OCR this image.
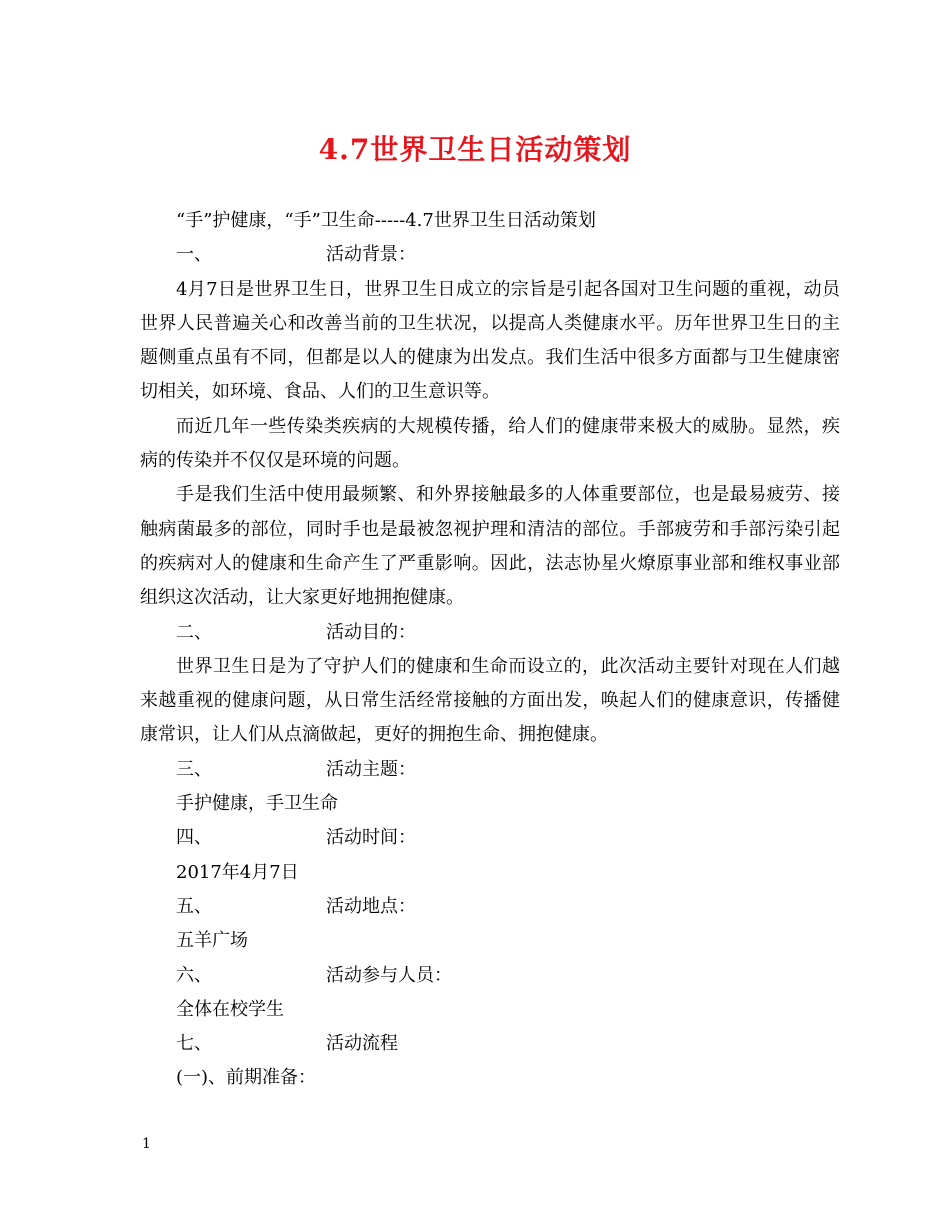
4.7世界卫生日活动策划

“手”护健康，“手”卫生命-----4.7世界卫生日活动策划

一、	活动背景：

4月7日是世界卫生日，世界卫生日成立的宗旨是引起各国对卫生问题的重视，动员世界人民普遍关心和改善当前的卫生状况，以提高人类健康水平。历年世界卫生日的主题侧重点虽有不同，但都是以人的健康为出发点。我们生活中很多方面都与卫生健康密切相关，如环境、食品、人们的卫生意识等。

而近几年一些传染类疾病的大规模传播，给人们的健康带来极大的威胁。显然，疾病的传染并不仅仅是环境的问题。

手是我们生活中使用最频繁、和外界接触最多的人体重要部位，也是最易疲劳、接触病菌最多的部位，同时手也是最被忽视护理和清洁的部位。手部疲劳和手部污染引起的疾病对人的健康和生命产生了严重影响。因此，法志协星火燎原事业部和维权事业部组织这次活动，让大家更好地拥抱健康。

二、	活动目的：

世界卫生日是为了守护人们的健康和生命而设立的，此次活动主要针对现在人们越来越重视的健康问题，从日常生活经常接触的方面出发，唤起人们的健康意识，传播健康常识，让人们从点滴做起，更好的拥抱生命、拥抱健康。

三、	活动主题：

手护健康，手卫生命

四、	活动时间：

2017年4月7日

五、	活动地点：

五羊广场

六、	活动参与人员：

全体在校学生

七、	活动流程

(一)、前期准备：

1
